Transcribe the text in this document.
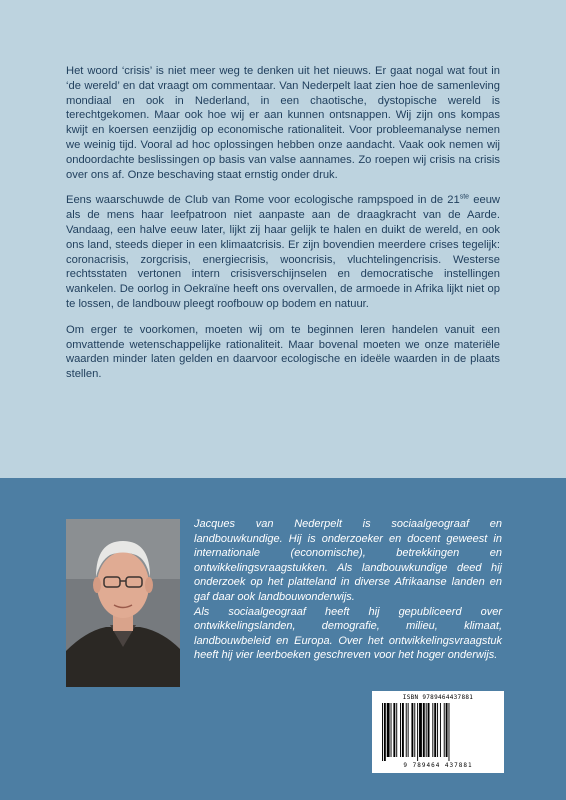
Het woord ‘crisis’ is niet meer weg te denken uit het nieuws. Er gaat nogal wat fout in ‘de wereld’ en dat vraagt om commentaar. Van Nederpelt laat zien hoe de samenleving mondiaal en ook in Nederland, in een chaotische, dystopische wereld is terechtgekomen. Maar ook hoe wij er aan kunnen ontsnappen. Wij zijn ons kompas kwijt en koersen eenzijdig op economische rationaliteit. Voor probleemanalyse nemen we weinig tijd. Vooral ad hoc oplossingen hebben onze aandacht. Vaak ook nemen wij ondoordachte beslissingen op basis van valse aannames. Zo roepen wij crisis na crisis over ons af. Onze beschaving staat ernstig onder druk.

Eens waarschuwde de Club van Rome voor ecologische rampspoed in de 21ste eeuw als de mens haar leefpatroon niet aanpaste aan de draagkracht van de Aarde. Vandaag, een halve eeuw later, lijkt zij haar gelijk te halen en duikt de wereld, en ook ons land, steeds dieper in een klimaatcrisis. Er zijn bovendien meerdere crises tegelijk: coronacrisis, zorgcrisis, energiecrisis, wooncrisis, vluchtelingencrisis. Westerse rechtsstaten vertonen intern crisisverschijnselen en democratische instellingen wankelen. De oorlog in Oekraïne heeft ons overvallen, de armoede in Afrika lijkt niet op te lossen, de landbouw pleegt roofbouw op bodem en natuur.

Om erger te voorkomen, moeten wij om te beginnen leren handelen vanuit een omvattende wetenschappelijke rationaliteit. Maar bovenal moeten we onze materiële waarden minder laten gelden en daarvoor ecologische en ideële waarden in de plaats stellen.

Jacques van Nederpelt is sociaalgeograaf en landbouwkundige. Hij is onderzoeker en docent geweest in internationale (economische), betrekkingen en ontwikkelingsvraagstukken. Als landbouwkundige deed hij onderzoek op het platteland in diverse Afrikaanse landen en gaf daar ook landbouwonderwijs.

Als sociaalgeograaf heeft hij gepubliceerd over ontwikkelingslanden, demografie, milieu, klimaat, landbouwbeleid en Europa. Over het ontwikkelingsvraagstuk heeft hij vier leerboeken geschreven voor het hoger onderwijs.

ISBN 9789464437881
9 789464 437881
